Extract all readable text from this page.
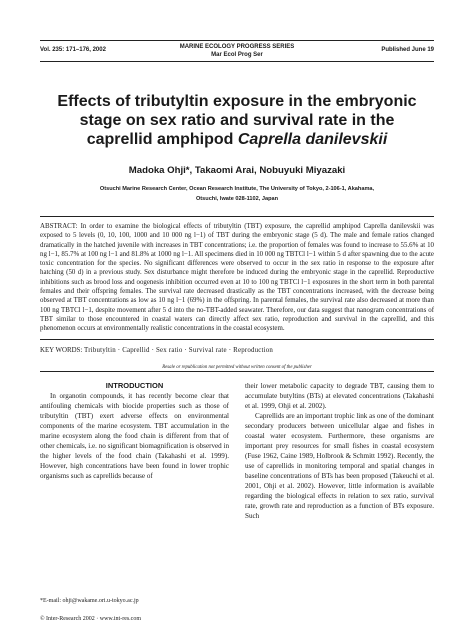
Vol. 235: 171–176, 2002	MARINE ECOLOGY PROGRESS SERIES
Mar Ecol Prog Ser
Published June 19
Effects of tributyltin exposure in the embryonic
stage on sex ratio and survival rate in the
caprellid amphipod Caprella danilevskii
Madoka Ohji*, Takaomi Arai, Nobuyuki Miyazaki
Otsuchi Marine Research Center, Ocean Research Institute, The University of Tokyo, 2-106-1, Akahama,
Otsuchi, Iwate 028-1102, Japan

ABSTRACT: In order to examine the biological effects of tributyltin (TBT) exposure, the caprellid amphipod Caprella danilevskii was exposed to 5 levels (0, 10, 100, 1000 and 10 000 ng l−1) of TBT during the embryonic stage (5 d). The male and female ratios changed dramatically in the hatched juvenile with increases in TBT concentrations; i.e. the proportion of females was found to increase to 55.6% at 10 ng l−1, 85.7% at 100 ng l−1 and 81.8% at 1000 ng l−1. All specimens died in 10 000 ng TBTCl l−1 within 5 d after spawning due to the acute toxic concentration for the species. No significant differences were observed to occur in the sex ratio in response to the exposure after hatching (50 d) in a previous study. Sex disturbance might therefore be induced during the embryonic stage in the caprellid. Reproductive inhibitions such as brood loss and oogenesis inhibition occurred even at 10 to 100 ng TBTCl l−1 exposures in the short term in both parental females and their offspring females. The survival rate decreased drastically as the TBT concentrations increased, with the decrease being observed at TBT concentrations as low as 10 ng l−1 (69%) in the offspring. In parental females, the survival rate also decreased at more than 100 ng TBTCl l−1, despite movement after 5 d into the no-TBT-added seawater. Therefore, our data suggest that nanogram concentrations of TBT similar to those encountered in coastal waters can directly affect sex ratio, reproduction and survival in the caprellid, and this phenomenon occurs at environmentally realistic concentrations in the coastal ecosystem.

KEY WORDS: Tributyltin · Caprellid · Sex ratio · Survival rate · Reproduction
Resale or republication not permitted without written consent of the publisher

INTRODUCTION

In organotin compounds, it has recently become clear that antifouling chemicals with biocide properties such as those of tributyltin (TBT) exert adverse effects on environmental components of the marine ecosystem. TBT accumulation in the marine ecosystem along the food chain is different from that of other chemicals, i.e. no significant biomagnification is observed in the higher levels of the food chain (Takahashi et al. 1999). However, high concentrations have been found in lower trophic organisms such as caprellids because of

their lower metabolic capacity to degrade TBT, causing them to accumulate butyltins (BTs) at elevated concentrations (Takahashi et al. 1999, Ohji et al. 2002).

Caprellids are an important trophic link as one of the dominant secondary producers between unicellular algae and fishes in coastal water ecosystem. Furthermore, these organisms are important prey resources for small fishes in coastal ecosystem (Fuse 1962, Caine 1989, Holbrook & Schmitt 1992). Recently, the use of caprellids in monitoring temporal and spatial changes in baseline concentrations of BTs has been proposed (Takeuchi et al. 2001, Ohji et al. 2002). However, little information is available regarding the biological effects in relation to sex ratio, survival rate, growth rate and reproduction as a function of BTs exposure. Such

*E-mail: ohji@wakame.ori.u-tokyo.ac.jp
© Inter-Research 2002 · www.int-res.com
